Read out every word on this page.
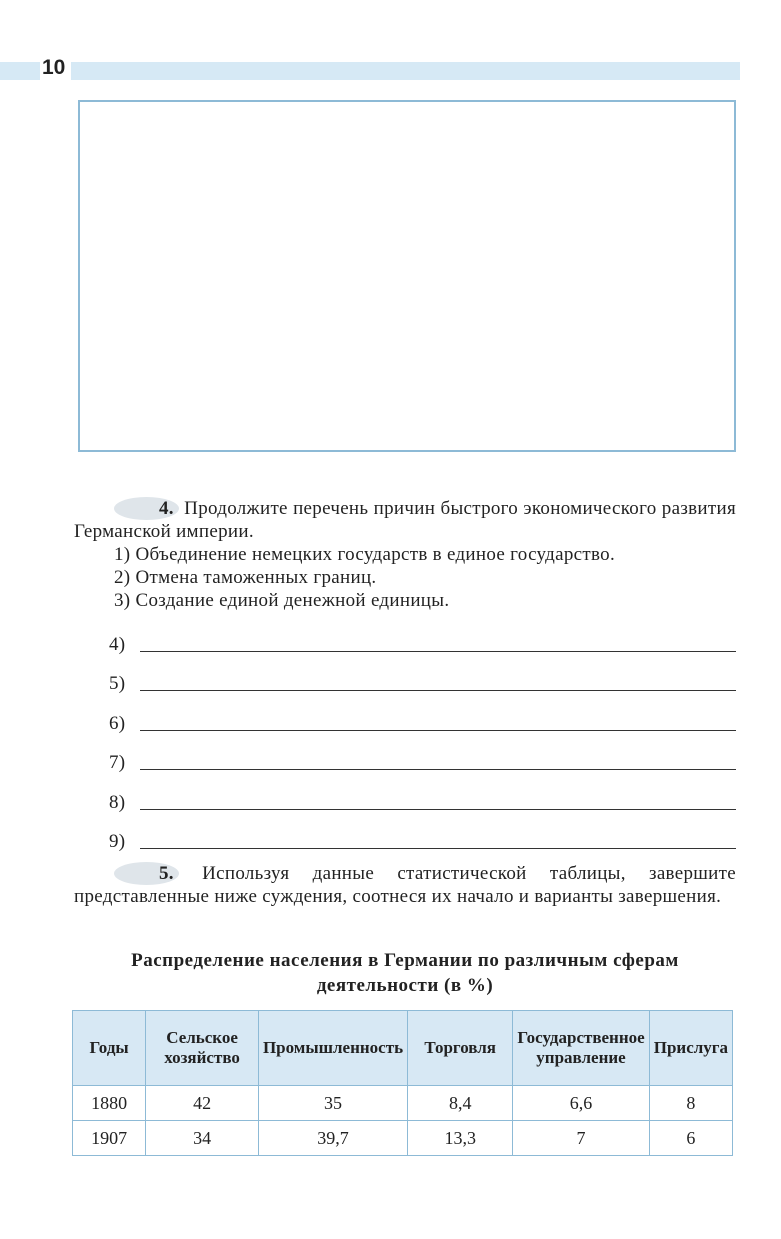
10

4. Продолжите перечень причин быстрого экономического развития Германской империи.

1) Объединение немецких государств в единое государство.

2) Отмена таможенных границ.

3) Создание единой денежной единицы.

4)
5)
6)
7)
8)
9)

5. Используя данные статистической таблицы, завершите представленные ниже суждения, соотнеся их начало и варианты завершения.

Распределение населения в Германии по различным сферам деятельности (в %)
Годы	Сельское хозяйство	Промышленность	Торговля	Государственное управление	Прислуга
1880	42	35	8,4	6,6	8
1907	34	39,7	13,3	7	6
